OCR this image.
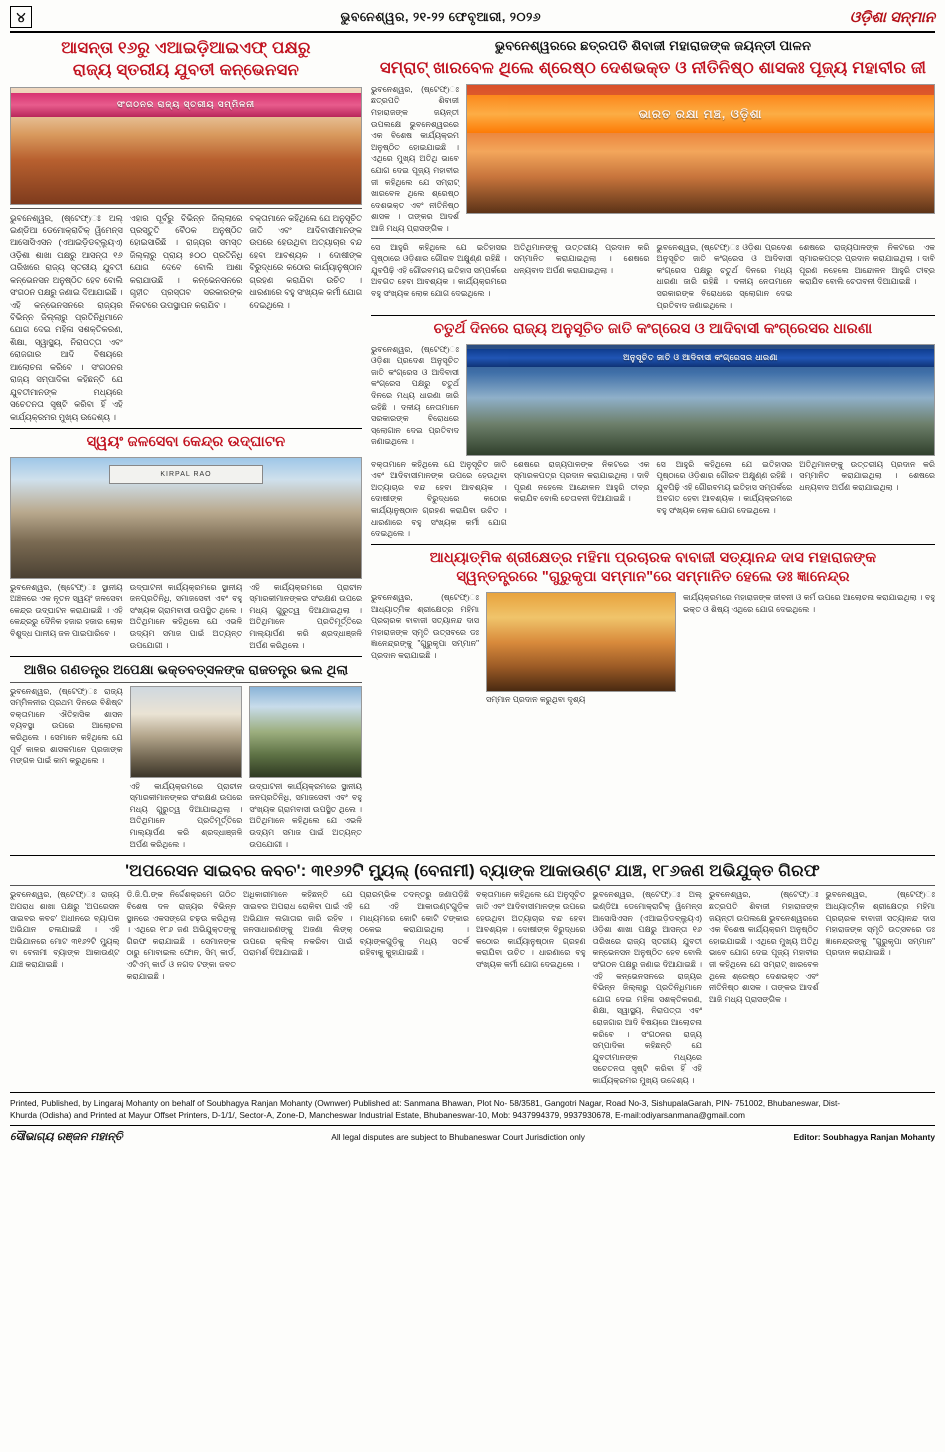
୪	ଭୁବନେଶ୍ୱର, ୨୧-୨୨ ଫେବୃଆରୀ, ୨୦୨୬	ଓଡ଼ିଶା ସନ୍ମାନ
ଆସନ୍ତା ୧୬ରୁ ଏଆଇଡ଼ିଆଇଏଫ୍ ପକ୍ଷରୁ
ରାଜ୍ୟ ସ୍ତରୀୟ ଯୁବତୀ କନ୍‌ଭେନସନ
ସଂଗଠନର ରାଜ୍ୟ ସ୍ତରୀୟ ସମ୍ମିଳନୀ
ଭୁବନେଶ୍ୱର, (ଷ୍ଟେଫ୍‌)ଃ ଅଲ୍‌ ଇଣ୍ଡିଆ ଡେମୋକ୍ରାଟିକ୍ ୱିମେନ୍ସ ଆସୋସିଏସନ (ଏଆଇଡ଼ିଡବ୍ଲ୍ୟୁଏ) ଓଡ଼ିଶା ଶାଖା ପକ୍ଷରୁ ଆସନ୍ତା ୧୬ ତାରିଖରେ ରାଜ୍ୟ ସ୍ତରୀୟ ଯୁବତୀ କନ୍‌ଭେନସନ ଅନୁଷ୍ଠିତ ହେବ ବୋଲି ସଂଗଠନ ପକ୍ଷରୁ ଜଣାଇ ଦିଆଯାଇଛି । ଏହି କନ୍‌ଭେନସନରେ ରାଜ୍ୟର ବିଭିନ୍ନ ଜିଲ୍ଲାରୁ ପ୍ରତିନିଧିମାନେ ଯୋଗ ଦେଇ ମହିଳା ସଶକ୍ତିକରଣ, ଶିକ୍ଷା, ସ୍ୱାସ୍ଥ୍ୟ, ନିରାପତ୍ତା ଏବଂ ରୋଜଗାର ଆଦି ବିଷୟରେ ଆଲୋଚନା କରିବେ । ସଂଗଠନର ରାଜ୍ୟ ସମ୍ପାଦିକା କହିଛନ୍ତି ଯେ ଯୁବତୀମାନଙ୍କ ମଧ୍ୟରେ ସଚେତନତା ସୃଷ୍ଟି କରିବା ହିଁ ଏହି କାର୍ଯ୍ୟକ୍ରମର ମୁଖ୍ୟ ଉଦ୍ଦେଶ୍ୟ ।
ଏହାର ପୂର୍ବରୁ ବିଭିନ୍ନ ଜିଲ୍ଲାରେ ପ୍ରସ୍ତୁତି ବୈଠକ ଅନୁଷ୍ଠିତ ହୋଇସାରିଛି । ରାଜ୍ୟର ସମସ୍ତ ଜିଲ୍ଲାରୁ ପ୍ରାୟ ୫୦୦ ପ୍ରତିନିଧି ଯୋଗ ଦେବେ ବୋଲି ଆଶା କରାଯାଉଛି । କନ୍‌ଭେନସନରେ ଗୃହୀତ ପ୍ରସ୍ତାବ ସରକାରଙ୍କ ନିକଟରେ ଉପସ୍ଥାପନ କରାଯିବ ।
ବକ୍ତାମାନେ କହିଥିଲେ ଯେ ଅନୁସୂଚିତ ଜାତି ଏବଂ ଆଦିବାସୀମାନଙ୍କ ଉପରେ ହେଉଥିବା ଅତ୍ୟାଚାର ବନ୍ଦ ହେବା ଆବଶ୍ୟକ । ଦୋଷୀଙ୍କ ବିରୁଦ୍ଧରେ କଠୋର କାର୍ଯ୍ୟାନୁଷ୍ଠାନ ଗ୍ରହଣ କରାଯିବା ଉଚିତ । ଧାରଣାରେ ବହୁ ସଂଖ୍ୟକ କର୍ମୀ ଯୋଗ ଦେଇଥିଲେ ।
ସ୍ୱୟଂ ଜଳସେବା କେନ୍ଦ୍ର ଉଦ୍‌ଘାଟନ
KIRPAL RAO
ଭୁବନେଶ୍ୱର, (ଷ୍ଟେଫ୍‌)ଃ ସ୍ଥାନୀୟ ଅଞ୍ଚଳରେ ଏକ ନୂତନ ସ୍ୱୟଂ ଜଳସେବା କେନ୍ଦ୍ର ଉଦ୍‌ଘାଟନ କରାଯାଇଛି । ଏହି କେନ୍ଦ୍ରରୁ ଦୈନିକ ହଜାର ହଜାର ଲୋକ ବିଶୁଦ୍ଧ ପାନୀୟ ଜଳ ପାଇପାରିବେ ।
ଉଦ୍‌ଘାଟନୀ କାର୍ଯ୍ୟକ୍ରମରେ ସ୍ଥାନୀୟ ଜନପ୍ରତିନିଧି, ସମାଜସେବୀ ଏବଂ ବହୁ ସଂଖ୍ୟକ ଗ୍ରାମବାସୀ ଉପସ୍ଥିତ ଥିଲେ । ଅତିଥିମାନେ କହିଥିଲେ ଯେ ଏଭଳି ଉଦ୍ୟମ ସମାଜ ପାଇଁ ଅତ୍ୟନ୍ତ ଉପଯୋଗୀ ।
ଏହି କାର୍ଯ୍ୟକ୍ରମରେ ପ୍ରାଚୀନ ସ୍ମାରକୀମାନଙ୍କର ସଂରକ୍ଷଣ ଉପରେ ମଧ୍ୟ ଗୁରୁତ୍ୱ ଦିଆଯାଇଥିଲା । ଅତିଥିମାନେ ପ୍ରତିମୂର୍ତ୍ତିରେ ମାଲ୍ୟାର୍ପଣ କରି ଶ୍ରଦ୍ଧାଞ୍ଜଳି ଅର୍ପଣ କରିଥିଲେ ।
ଆଖିର ଗଣତନ୍ତ୍ର ଅପେକ୍ଷା ଭକ୍ତବତ୍ସଳଙ୍କ ରାଜତନ୍ତ୍ର ଭଲ ଥିଲା
ଭୁବନେଶ୍ୱର, (ଷ୍ଟେଫ୍‌)ଃ ରାଜ୍ୟ ସମ୍ମିଳନୀର ପ୍ରଥମ ଦିନରେ ବିଶିଷ୍ଟ ବକ୍ତାମାନେ ଐତିହାସିକ ଶାସନ ବ୍ୟବସ୍ଥା ଉପରେ ଆଲୋଚନା କରିଥିଲେ । ସେମାନେ କହିଥିଲେ ଯେ ପୂର୍ବ କାଳର ଶାସକମାନେ ପ୍ରଜାଙ୍କ ମଙ୍ଗଳ ପାଇଁ କାମ କରୁଥିଲେ ।
ଏହି କାର୍ଯ୍ୟକ୍ରମରେ ପ୍ରାଚୀନ ସ୍ମାରକୀମାନଙ୍କର ସଂରକ୍ଷଣ ଉପରେ ମଧ୍ୟ ଗୁରୁତ୍ୱ ଦିଆଯାଇଥିଲା । ଅତିଥିମାନେ ପ୍ରତିମୂର୍ତ୍ତିରେ ମାଲ୍ୟାର୍ପଣ କରି ଶ୍ରଦ୍ଧାଞ୍ଜଳି ଅର୍ପଣ କରିଥିଲେ ।
ଉଦ୍‌ଘାଟନୀ କାର୍ଯ୍ୟକ୍ରମରେ ସ୍ଥାନୀୟ ଜନପ୍ରତିନିଧି, ସମାଜସେବୀ ଏବଂ ବହୁ ସଂଖ୍ୟକ ଗ୍ରାମବାସୀ ଉପସ୍ଥିତ ଥିଲେ । ଅତିଥିମାନେ କହିଥିଲେ ଯେ ଏଭଳି ଉଦ୍ୟମ ସମାଜ ପାଇଁ ଅତ୍ୟନ୍ତ ଉପଯୋଗୀ ।
ଭୁବନେଶ୍ୱରରେ ଛତ୍ରପତି ଶିବାଜୀ ମହାରାଜଙ୍କ ଜୟନ୍ତୀ ପାଳନ
ସମ୍ରାଟ୍ ଖାରବେଳ ଥିଲେ ଶ୍ରେଷ୍ଠ ଦେଶଭକ୍ତ ଓ ନୀତିନିଷ୍ଠ ଶାସକଃ ପୂଜ୍ୟ ମହାବୀର ଜୀ
ଭୁବନେଶ୍ୱର, (ଷ୍ଟେଫ୍‌)ଃ ଛତ୍ରପତି ଶିବାଜୀ ମହାରାଜଙ୍କ ଜୟନ୍ତୀ ଉପଲକ୍ଷେ ଭୁବନେଶ୍ୱରରେ ଏକ ବିଶେଷ କାର୍ଯ୍ୟକ୍ରମ ଅନୁଷ୍ଠିତ ହୋଇଯାଇଛି । ଏଥିରେ ମୁଖ୍ୟ ଅତିଥି ଭାବେ ଯୋଗ ଦେଇ ପୂଜ୍ୟ ମହାବୀର ଜୀ କହିଥିଲେ ଯେ ସମ୍ରାଟ୍ ଖାରବେଳ ଥିଲେ ଶ୍ରେଷ୍ଠ ଦେଶଭକ୍ତ ଏବଂ ନୀତିନିଷ୍ଠ ଶାସକ । ତାଙ୍କର ଆଦର୍ଶ ଆଜି ମଧ୍ୟ ପ୍ରାସଙ୍ଗିକ ।
ଭାରତ ରକ୍ଷା ମଞ୍ଚ, ଓଡ଼ିଶା
ସେ ଆହୁରି କହିଥିଲେ ଯେ ଇତିହାସର ପୃଷ୍ଠାରେ ଓଡ଼ିଶାର ଗୌରବ ଅକ୍ଷୁଣ୍ଣ ରହିଛି । ଯୁବପିଢ଼ି ଏହି ଗୌରବମୟ ଇତିହାସ ସମ୍ପର୍କରେ ଅବଗତ ହେବା ଆବଶ୍ୟକ । କାର୍ଯ୍ୟକ୍ରମରେ ବହୁ ସଂଖ୍ୟକ ଲୋକ ଯୋଗ ଦେଇଥିଲେ ।
ଅତିଥିମାନଙ୍କୁ ଉତ୍ତରୀୟ ପ୍ରଦାନ କରି ସମ୍ମାନିତ କରାଯାଇଥିଲା । ଶେଷରେ ଧନ୍ୟବାଦ ଅର୍ପଣ କରାଯାଇଥିଲା ।
ଭୁବନେଶ୍ୱର, (ଷ୍ଟେଫ୍‌)ଃ ଓଡ଼ିଶା ପ୍ରଦେଶ ଅନୁସୂଚିତ ଜାତି କଂଗ୍ରେସ ଓ ଆଦିବାସୀ କଂଗ୍ରେସ ପକ୍ଷରୁ ଚତୁର୍ଥ ଦିନରେ ମଧ୍ୟ ଧାରଣା ଜାରି ରହିଛି । ଦଳୀୟ ନେତାମାନେ ସରକାରଙ୍କ ବିରୋଧରେ ସ୍ଲୋଗାନ ଦେଇ ପ୍ରତିବାଦ ଜଣାଇଥିଲେ ।
ଶେଷରେ ରାଜ୍ୟପାଳଙ୍କ ନିକଟରେ ଏକ ସ୍ମାରକପତ୍ର ପ୍ରଦାନ କରାଯାଇଥିଲା । ଦାବି ପୂରଣ ନହେଲେ ଆନ୍ଦୋଳନ ଆହୁରି ତୀବ୍ର କରାଯିବ ବୋଲି ଚେତାବନୀ ଦିଆଯାଇଛି ।
ଚତୁର୍ଥ ଦିନରେ ରାଜ୍ୟ ଅନୁସୂଚିତ ଜାତି କଂଗ୍ରେସ ଓ ଆଦିବାସୀ କଂଗ୍ରେସର ଧାରଣା
ଭୁବନେଶ୍ୱର, (ଷ୍ଟେଫ୍‌)ଃ ଓଡ଼ିଶା ପ୍ରଦେଶ ଅନୁସୂଚିତ ଜାତି କଂଗ୍ରେସ ଓ ଆଦିବାସୀ କଂଗ୍ରେସ ପକ୍ଷରୁ ଚତୁର୍ଥ ଦିନରେ ମଧ୍ୟ ଧାରଣା ଜାରି ରହିଛି । ଦଳୀୟ ନେତାମାନେ ସରକାରଙ୍କ ବିରୋଧରେ ସ୍ଲୋଗାନ ଦେଇ ପ୍ରତିବାଦ ଜଣାଇଥିଲେ ।
ଅନୁସୂଚିତ ଜାତି ଓ ଆଦିବାସୀ କଂଗ୍ରେସର ଧାରଣା
ବକ୍ତାମାନେ କହିଥିଲେ ଯେ ଅନୁସୂଚିତ ଜାତି ଏବଂ ଆଦିବାସୀମାନଙ୍କ ଉପରେ ହେଉଥିବା ଅତ୍ୟାଚାର ବନ୍ଦ ହେବା ଆବଶ୍ୟକ । ଦୋଷୀଙ୍କ ବିରୁଦ୍ଧରେ କଠୋର କାର୍ଯ୍ୟାନୁଷ୍ଠାନ ଗ୍ରହଣ କରାଯିବା ଉଚିତ । ଧାରଣାରେ ବହୁ ସଂଖ୍ୟକ କର୍ମୀ ଯୋଗ ଦେଇଥିଲେ ।
ଶେଷରେ ରାଜ୍ୟପାଳଙ୍କ ନିକଟରେ ଏକ ସ୍ମାରକପତ୍ର ପ୍ରଦାନ କରାଯାଇଥିଲା । ଦାବି ପୂରଣ ନହେଲେ ଆନ୍ଦୋଳନ ଆହୁରି ତୀବ୍ର କରାଯିବ ବୋଲି ଚେତାବନୀ ଦିଆଯାଇଛି ।
ସେ ଆହୁରି କହିଥିଲେ ଯେ ଇତିହାସର ପୃଷ୍ଠାରେ ଓଡ଼ିଶାର ଗୌରବ ଅକ୍ଷୁଣ୍ଣ ରହିଛି । ଯୁବପିଢ଼ି ଏହି ଗୌରବମୟ ଇତିହାସ ସମ୍ପର୍କରେ ଅବଗତ ହେବା ଆବଶ୍ୟକ । କାର୍ଯ୍ୟକ୍ରମରେ ବହୁ ସଂଖ୍ୟକ ଲୋକ ଯୋଗ ଦେଇଥିଲେ ।
ଅତିଥିମାନଙ୍କୁ ଉତ୍ତରୀୟ ପ୍ରଦାନ କରି ସମ୍ମାନିତ କରାଯାଇଥିଲା । ଶେଷରେ ଧନ୍ୟବାଦ ଅର୍ପଣ କରାଯାଇଥିଲା ।
ଆଧ୍ୟାତ୍ମିକ ଶ୍ରୀକ୍ଷେତ୍ର ମହିମା ପ୍ରଚାରକ ବାବାଜୀ ସତ୍ୟାନନ୍ଦ ଦାସ ମହାରାଜଙ୍କ
ସ୍ୱନ୍ତନ୍ତ୍ରରେ "ଗୁରୁକୃପା ସମ୍ମାନ"ରେ ସମ୍ମାନିତ ହେଲେ ଡଃ ଜ୍ଞାନେନ୍ଦ୍ର
ଭୁବନେଶ୍ୱର, (ଷ୍ଟେଫ୍‌)ଃ ଆଧ୍ୟାତ୍ମିକ ଶ୍ରୀକ୍ଷେତ୍ର ମହିମା ପ୍ରଚାରକ ବାବାଜୀ ସତ୍ୟାନନ୍ଦ ଦାସ ମହାରାଜଙ୍କ ସ୍ମୃତି ଉତ୍ସବରେ ଡଃ ଜ୍ଞାନେନ୍ଦ୍ରଙ୍କୁ "ଗୁରୁକୃପା ସମ୍ମାନ" ପ୍ରଦାନ କରାଯାଇଛି ।
ସମ୍ମାନ ପ୍ରଦାନ କରୁଥିବା ଦୃଶ୍ୟ
କାର୍ଯ୍ୟକ୍ରମରେ ମହାରାଜଙ୍କ ଜୀବନୀ ଓ କର୍ମ ଉପରେ ଆଲୋଚନା କରାଯାଇଥିଲା । ବହୁ ଭକ୍ତ ଓ ଶିଷ୍ୟ ଏଥିରେ ଯୋଗ ଦେଇଥିଲେ ।
'ଅପରେସନ ସାଇବର କବଚ': ୩୧୬୨ଟି ମ୍ୟୁଲ୍ (ବେନାମୀ) ବ୍ୟାଙ୍କ ଆକାଉଣ୍ଟ ଯାଞ୍ଚ, ୧୮୬ଜଣ ଅଭିଯୁକ୍ତ ଗିରଫ
ଭୁବନେଶ୍ୱର, (ଷ୍ଟେଫ୍‌)ଃ ରାଜ୍ୟ ଅପରାଧ ଶାଖା ପକ୍ଷରୁ 'ଅପରେସନ ସାଇବର କବଚ' ଅଧୀନରେ ବ୍ୟାପକ ଅଭିଯାନ ଚଳାଯାଇଛି । ଏହି ଅଭିଯାନରେ ମୋଟ ୩୧୬୨ଟି ମ୍ୟୁଲ୍ ବା ବେନାମୀ ବ୍ୟାଙ୍କ ଆକାଉଣ୍ଟ ଯାଞ୍ଚ କରାଯାଇଛି ।
ଡି.ଜି.ପି.ଙ୍କ ନିର୍ଦ୍ଦେଶକ୍ରମେ ଗଠିତ ବିଶେଷ ଦଳ ରାଜ୍ୟର ବିଭିନ୍ନ ସ୍ଥାନରେ ଏକସଙ୍ଗେ ଚଢ଼ଉ କରିଥିଲା । ଏଥିରେ ୧୮୬ ଜଣ ଅଭିଯୁକ୍ତଙ୍କୁ ଗିରଫ କରାଯାଇଛି । ସେମାନଙ୍କ ଠାରୁ ମୋବାଇଲ ଫୋନ, ସିମ୍ କାର୍ଡ, ଏଟିଏମ୍ କାର୍ଡ ଓ ନଗଦ ଟଙ୍କା ଜବତ କରାଯାଇଛି ।
ଅଧିକାରୀମାନେ କହିଛନ୍ତି ଯେ ସାଇବର ଅପରାଧ ରୋକିବା ପାଇଁ ଏହି ଅଭିଯାନ ଲଗାତାର ଜାରି ରହିବ । ଜନସାଧାରଣଙ୍କୁ ଅଜଣା ଲିଙ୍କ୍ ଉପରେ କ୍ଲିକ୍ ନକରିବା ପାଇଁ ପରାମର୍ଶ ଦିଆଯାଇଛି ।
ପ୍ରାରମ୍ଭିକ ତଦନ୍ତରୁ ଜଣାପଡ଼ିଛି ଯେ ଏହି ଆକାଉଣ୍ଟଗୁଡ଼ିକ ମାଧ୍ୟମରେ କୋଟି କୋଟି ଟଙ୍କାର ଠକେଇ କରାଯାଇଥିଲା । ବ୍ୟାଙ୍କଗୁଡ଼ିକୁ ମଧ୍ୟ ସତର୍କ ରହିବାକୁ କୁହାଯାଇଛି ।
ବକ୍ତାମାନେ କହିଥିଲେ ଯେ ଅନୁସୂଚିତ ଜାତି ଏବଂ ଆଦିବାସୀମାନଙ୍କ ଉପରେ ହେଉଥିବା ଅତ୍ୟାଚାର ବନ୍ଦ ହେବା ଆବଶ୍ୟକ । ଦୋଷୀଙ୍କ ବିରୁଦ୍ଧରେ କଠୋର କାର୍ଯ୍ୟାନୁଷ୍ଠାନ ଗ୍ରହଣ କରାଯିବା ଉଚିତ । ଧାରଣାରେ ବହୁ ସଂଖ୍ୟକ କର୍ମୀ ଯୋଗ ଦେଇଥିଲେ ।
ଭୁବନେଶ୍ୱର, (ଷ୍ଟେଫ୍‌)ଃ ଅଲ୍‌ ଇଣ୍ଡିଆ ଡେମୋକ୍ରାଟିକ୍ ୱିମେନ୍ସ ଆସୋସିଏସନ (ଏଆଇଡ଼ିଡବ୍ଲ୍ୟୁଏ) ଓଡ଼ିଶା ଶାଖା ପକ୍ଷରୁ ଆସନ୍ତା ୧୬ ତାରିଖରେ ରାଜ୍ୟ ସ୍ତରୀୟ ଯୁବତୀ କନ୍‌ଭେନସନ ଅନୁଷ୍ଠିତ ହେବ ବୋଲି ସଂଗଠନ ପକ୍ଷରୁ ଜଣାଇ ଦିଆଯାଇଛି । ଏହି କନ୍‌ଭେନସନରେ ରାଜ୍ୟର ବିଭିନ୍ନ ଜିଲ୍ଲାରୁ ପ୍ରତିନିଧିମାନେ ଯୋଗ ଦେଇ ମହିଳା ସଶକ୍ତିକରଣ, ଶିକ୍ଷା, ସ୍ୱାସ୍ଥ୍ୟ, ନିରାପତ୍ତା ଏବଂ ରୋଜଗାର ଆଦି ବିଷୟରେ ଆଲୋଚନା କରିବେ । ସଂଗଠନର ରାଜ୍ୟ ସମ୍ପାଦିକା କହିଛନ୍ତି ଯେ ଯୁବତୀମାନଙ୍କ ମଧ୍ୟରେ ସଚେତନତା ସୃଷ୍ଟି କରିବା ହିଁ ଏହି କାର୍ଯ୍ୟକ୍ରମର ମୁଖ୍ୟ ଉଦ୍ଦେଶ୍ୟ ।
ଭୁବନେଶ୍ୱର, (ଷ୍ଟେଫ୍‌)ଃ ଛତ୍ରପତି ଶିବାଜୀ ମହାରାଜଙ୍କ ଜୟନ୍ତୀ ଉପଲକ୍ଷେ ଭୁବନେଶ୍ୱରରେ ଏକ ବିଶେଷ କାର୍ଯ୍ୟକ୍ରମ ଅନୁଷ୍ଠିତ ହୋଇଯାଇଛି । ଏଥିରେ ମୁଖ୍ୟ ଅତିଥି ଭାବେ ଯୋଗ ଦେଇ ପୂଜ୍ୟ ମହାବୀର ଜୀ କହିଥିଲେ ଯେ ସମ୍ରାଟ୍ ଖାରବେଳ ଥିଲେ ଶ୍ରେଷ୍ଠ ଦେଶଭକ୍ତ ଏବଂ ନୀତିନିଷ୍ଠ ଶାସକ । ତାଙ୍କର ଆଦର୍ଶ ଆଜି ମଧ୍ୟ ପ୍ରାସଙ୍ଗିକ ।
ଭୁବନେଶ୍ୱର, (ଷ୍ଟେଫ୍‌)ଃ ଆଧ୍ୟାତ୍ମିକ ଶ୍ରୀକ୍ଷେତ୍ର ମହିମା ପ୍ରଚାରକ ବାବାଜୀ ସତ୍ୟାନନ୍ଦ ଦାସ ମହାରାଜଙ୍କ ସ୍ମୃତି ଉତ୍ସବରେ ଡଃ ଜ୍ଞାନେନ୍ଦ୍ରଙ୍କୁ "ଗୁରୁକୃପା ସମ୍ମାନ" ପ୍ରଦାନ କରାଯାଇଛି ।
Printed, Published, by Lingaraj Mohanty on behalf of Soubhagya Ranjan Mohanty (Ownwer) Published at: Sanmana Bhawan, Plot No- 58/3581, Gangotri Nagar, Road No-3, SishupalaGarah, PIN- 751002, Bhubaneswar, Dist-
Khurda (Odisha) and Printed at Mayur Offset Printers, D-1/1/, Sector-A, Zone-D, Mancheswar Industrial Estate, Bhubaneswar-10, Mob: 9437994379, 9937930678, E-mail:odiyarsanmana@gmail.com
ସୌଭାଗ୍ୟ ରଞ୍ଜନ ମହାନ୍ତି	All legal disputes are subject to Bhubaneswar Court Jurisdiction only	Editor: Soubhagya Ranjan Mohanty
